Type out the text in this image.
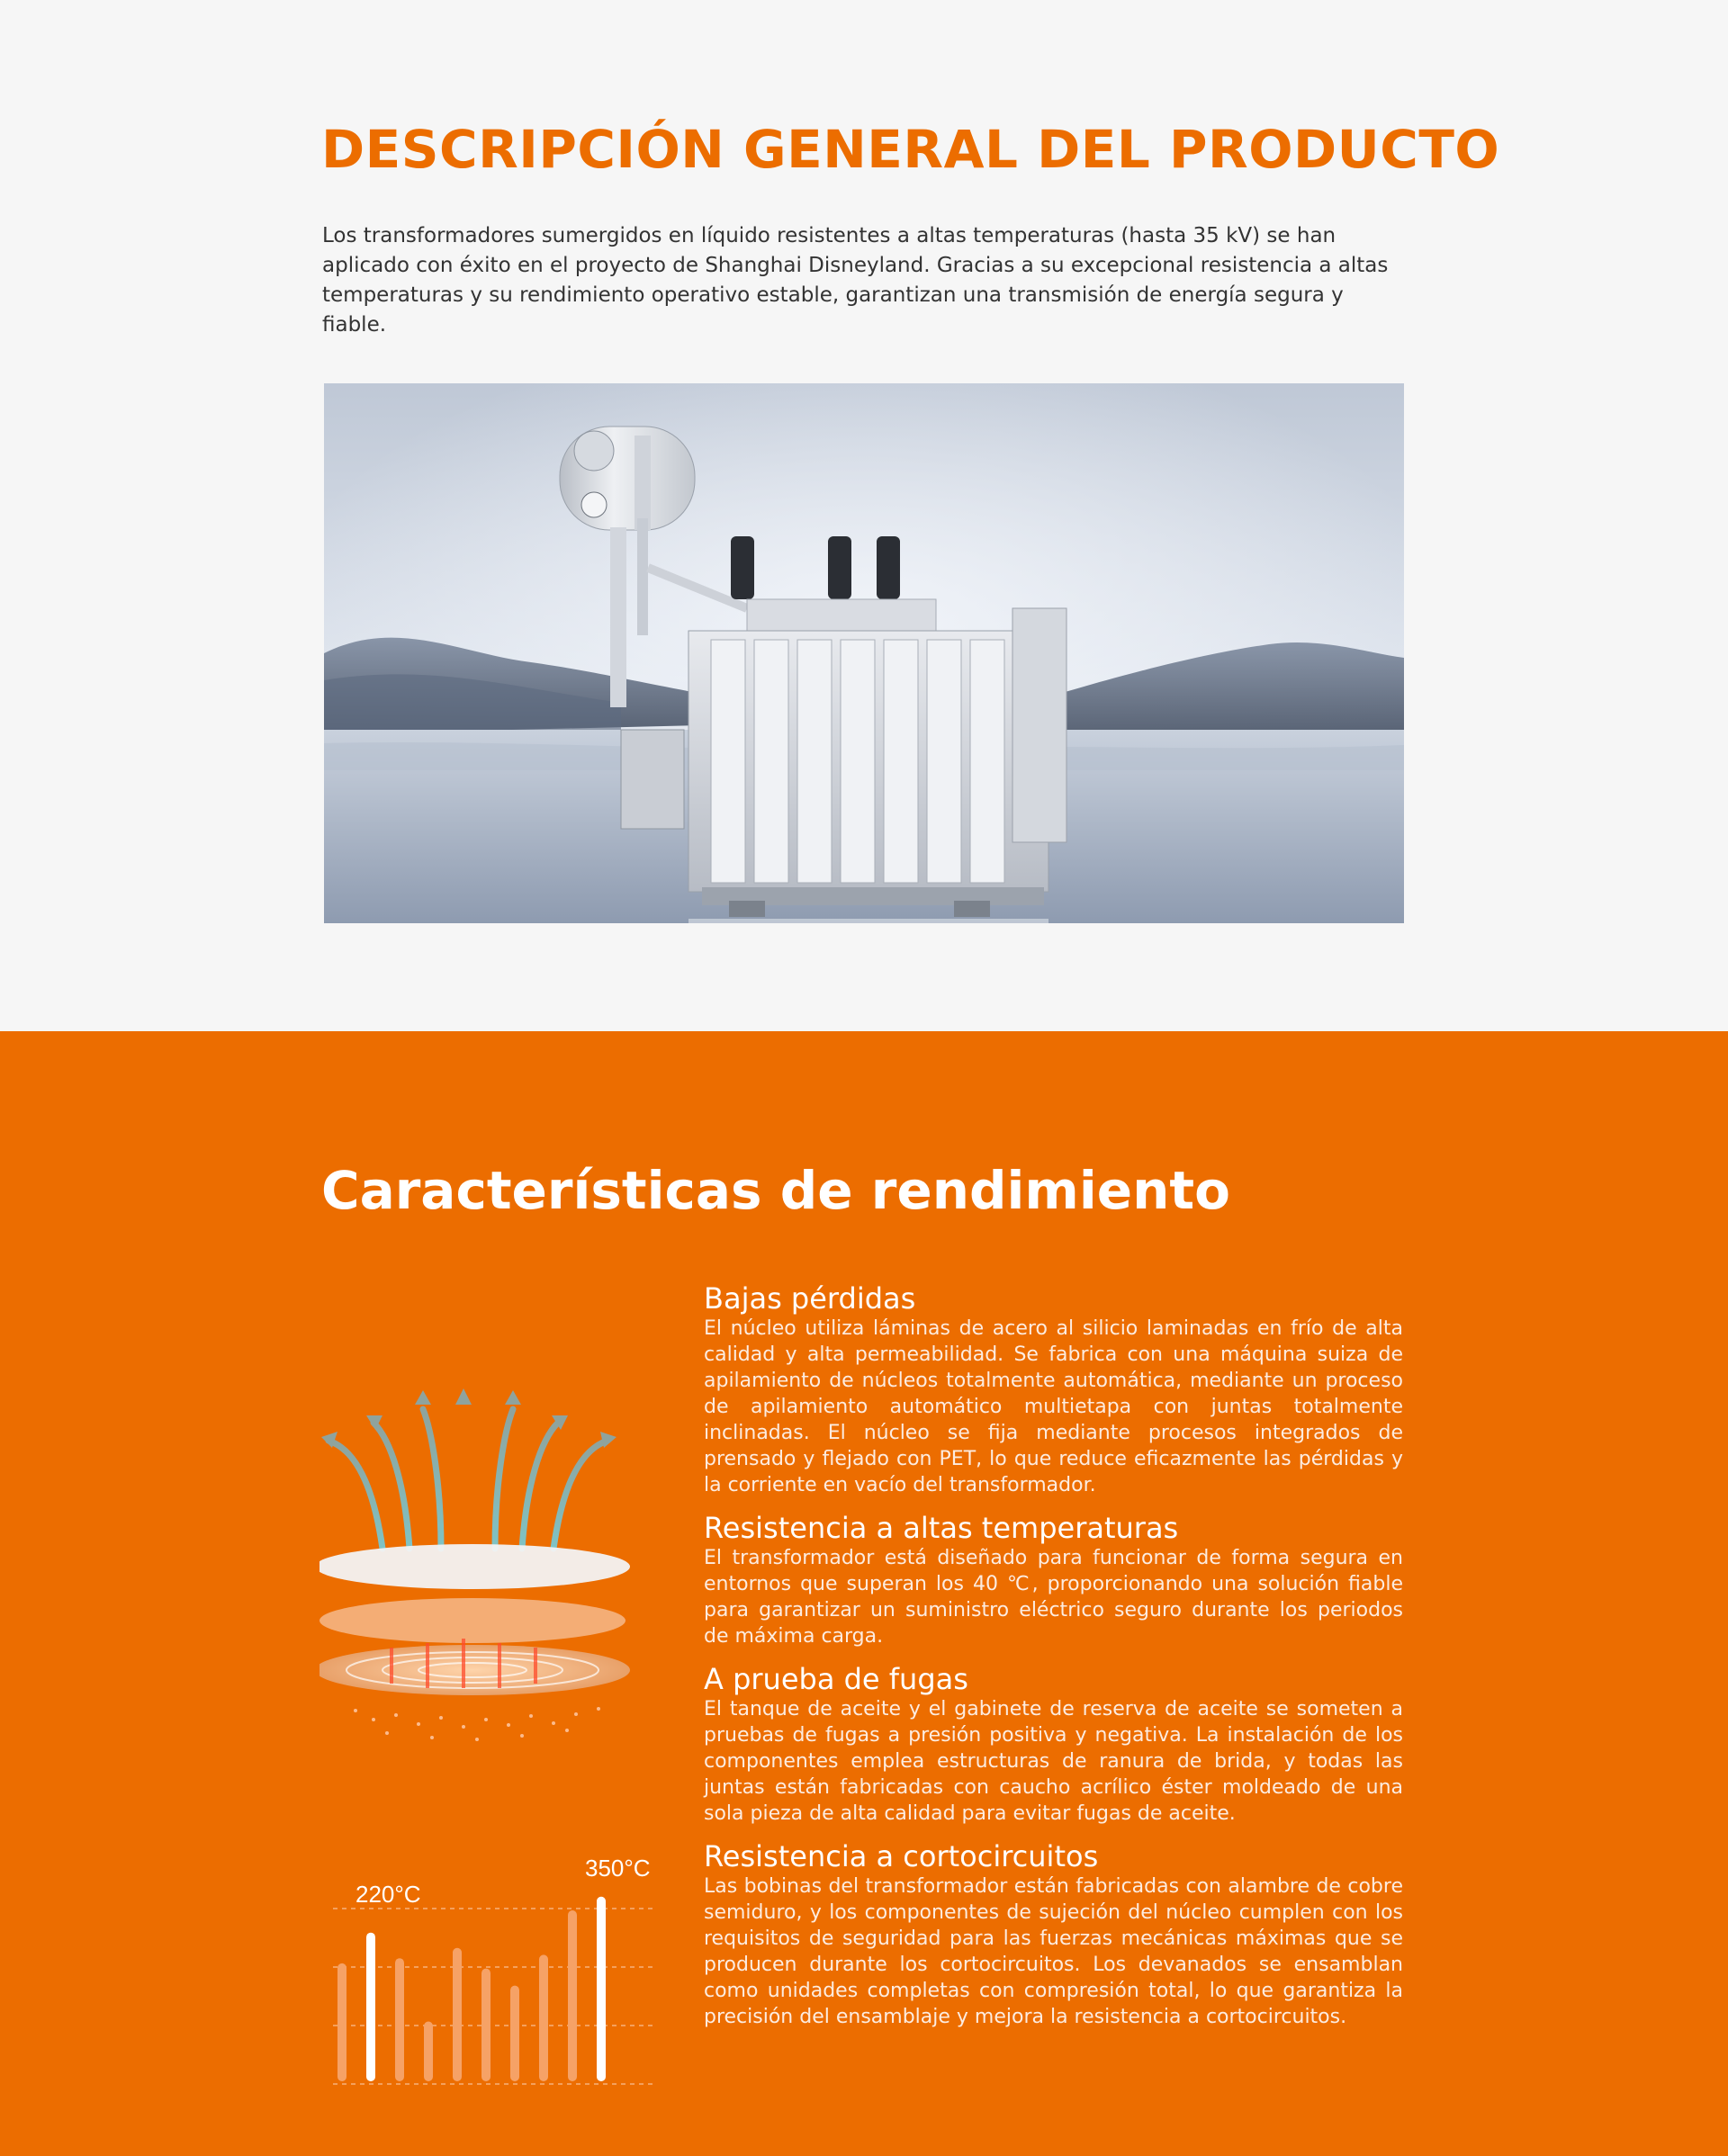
DESCRIPCIÓN GENERAL DEL PRODUCTO

Los transformadores sumergidos en líquido resistentes a altas temperaturas (hasta 35 kV) se han aplicado con éxito en el proyecto de Shanghai Disneyland. Gracias a su excepcional resistencia a altas temperaturas y su rendimiento operativo estable, garantizan una transmisión de energía segura y fiable.

Características de rendimiento
220°C
350°C
Bajas pérdidas

El núcleo utiliza láminas de acero al silicio laminadas en frío de alta calidad y alta permeabilidad. Se fabrica con una máquina suiza de apilamiento de núcleos totalmente automática, mediante un proceso de apilamiento automático multietapa con juntas totalmente inclinadas. El núcleo se fija mediante procesos integrados de prensado y flejado con PET, lo que reduce eficazmente las pérdidas y la corriente en vacío del transformador.

Resistencia a altas temperaturas

El transformador está diseñado para funcionar de forma segura en entornos que superan los 40 ℃, proporcionando una solución fiable para garantizar un suministro eléctrico seguro durante los periodos de máxima carga.

A prueba de fugas

El tanque de aceite y el gabinete de reserva de aceite se someten a pruebas de fugas a presión positiva y negativa. La instalación de los componentes emplea estructuras de ranura de brida, y todas las juntas están fabricadas con caucho acrílico éster moldeado de una sola pieza de alta calidad para evitar fugas de aceite.

Resistencia a cortocircuitos

Las bobinas del transformador están fabricadas con alambre de cobre semiduro, y los componentes de sujeción del núcleo cumplen con los requisitos de seguridad para las fuerzas mecánicas máximas que se producen durante los cortocircuitos. Los devanados se ensamblan como unidades completas con compresión total, lo que garantiza la precisión del ensamblaje y mejora la resistencia a cortocircuitos.
